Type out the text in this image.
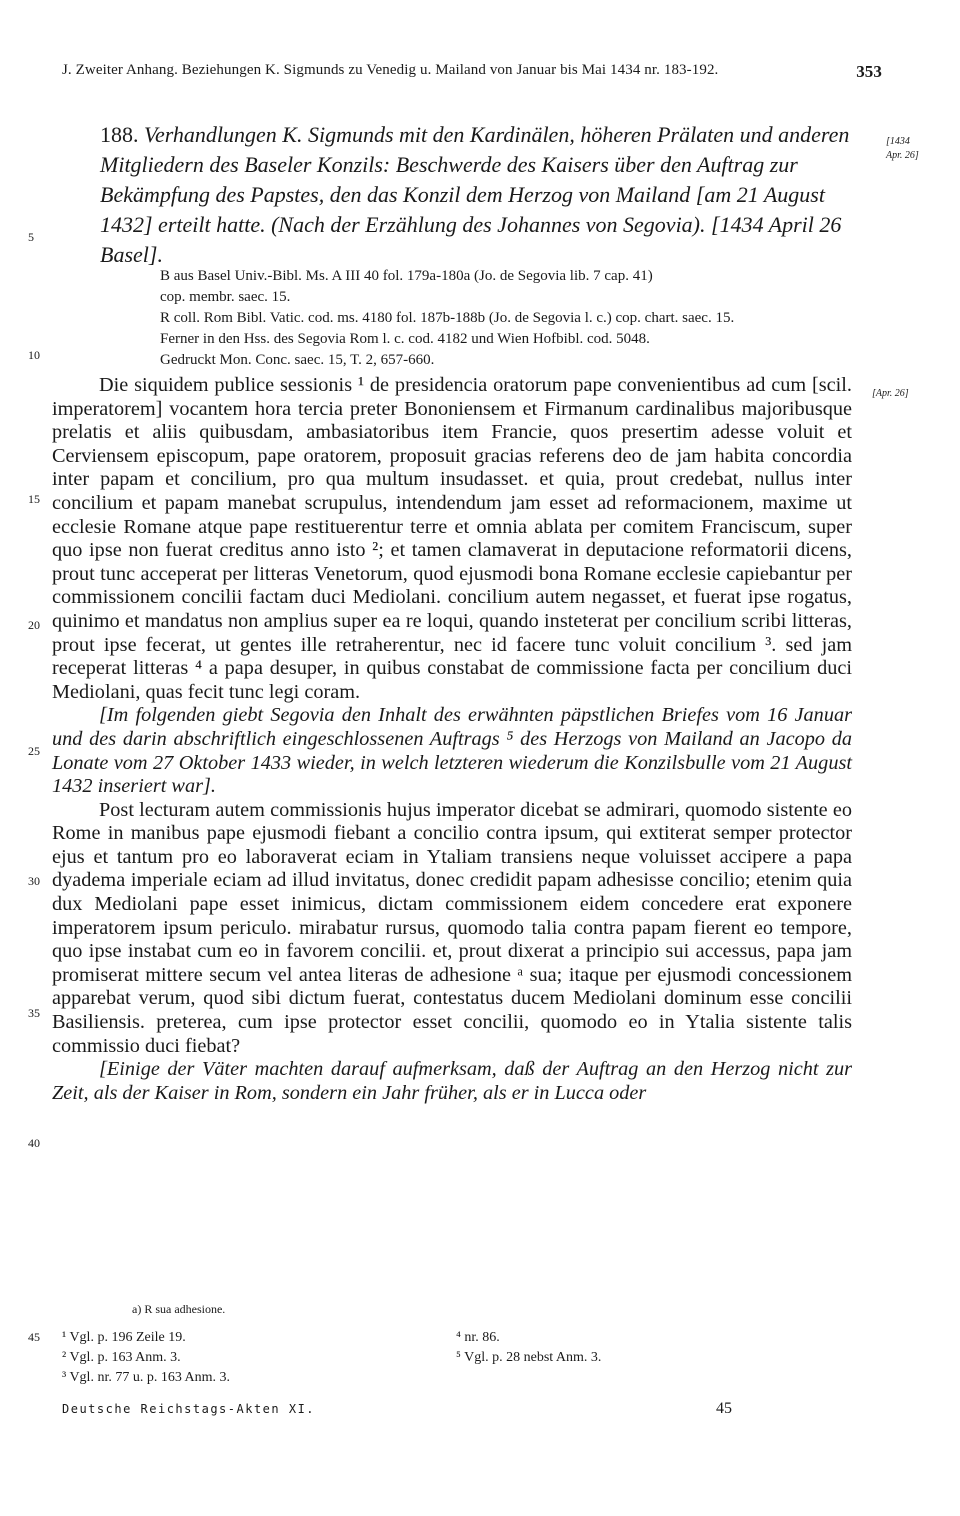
J. Zweiter Anhang. Beziehungen K. Sigmunds zu Venedig u. Mailand von Januar bis Mai 1434 nr. 183-192.	353
188. Verhandlungen K. Sigmunds mit den Kardinälen, höheren Prälaten und anderen Mitgliedern des Baseler Konzils: Beschwerde des Kaisers über den Auftrag zur Bekämpfung des Papstes, den das Konzil dem Herzog von Mailand [am 21 August 1432] erteilt hatte. (Nach der Erzählung des Johannes von Segovia). [1434 April 26 Basel].
[1434
Apr. 26]
5
10
15
20
25
30
35
40
45
B aus Basel Univ.-Bibl. Ms. A III 40 fol. 179a-180a (Jo. de Segovia lib. 7 cap. 41)
cop. membr. saec. 15.
R coll. Rom Bibl. Vatic. cod. ms. 4180 fol. 187b-188b (Jo. de Segovia l. c.) cop. chart. saec. 15.
Ferner in den Hss. des Segovia Rom l. c. cod. 4182 und Wien Hofbibl. cod. 5048.
Gedruckt Mon. Conc. saec. 15, T. 2, 657-660.
[Apr. 26]

Die siquidem publice sessionis ¹ de presidencia oratorum pape convenientibus ad cum [scil. imperatorem] vocantem hora tercia preter Bononiensem et Firmanum cardinalibus majoribusque prelatis et aliis quibusdam, ambasiatoribus item Francie, quos presertim adesse voluit et Cerviensem episcopum, pape oratorem, proposuit gracias referens deo de jam habita concordia inter papam et concilium, pro qua multum insudasset. et quia, prout credebat, nullus inter concilium et papam manebat scrupulus, intendendum jam esset ad reformacionem, maxime ut ecclesie Romane atque pape restituerentur terre et omnia ablata per comitem Franciscum, super quo ipse non fuerat creditus anno isto ²; et tamen clamaverat in deputacione reformatorii dicens, prout tunc acceperat per litteras Venetorum, quod ejusmodi bona Romane ecclesie capiebantur per commissionem concilii factam duci Mediolani. concilium autem negasset, et fuerat ipse rogatus, quinimo et mandatus non amplius super ea re loqui, quando insteterat per concilium scribi litteras, prout ipse fecerat, ut gentes ille retraherentur, nec id facere tunc voluit concilium ³. sed jam receperat litteras ⁴ a papa desuper, in quibus constabat de commissione facta per concilium duci Mediolani, quas fecit tunc legi coram.

[Im folgenden giebt Segovia den Inhalt des erwähnten päpstlichen Briefes vom 16 Januar und des darin abschriftlich eingeschlossenen Auftrags ⁵ des Herzogs von Mailand an Jacopo da Lonate vom 27 Oktober 1433 wieder, in welch letzteren wiederum die Konzilsbulle vom 21 August 1432 inseriert war].

Post lecturam autem commissionis hujus imperator dicebat se admirari, quomodo sistente eo Rome in manibus pape ejusmodi fiebant a concilio contra ipsum, qui extiterat semper protector ejus et tantum pro eo laboraverat eciam in Ytaliam transiens neque voluisset accipere a papa dyadema imperiale eciam ad illud invitatus, donec credidit papam adhesisse concilio; etenim quia dux Mediolani pape esset inimicus, dictam commissionem eidem concedere erat exponere imperatorem ipsum periculo. mirabatur rursus, quomodo talia contra papam fierent eo tempore, quo ipse instabat cum eo in favorem concilii. et, prout dixerat a principio sui accessus, papa jam promiserat mittere secum vel antea literas de adhesione ᵃ sua; itaque per ejusmodi concessionem apparebat verum, quod sibi dictum fuerat, contestatus ducem Mediolani dominum esse concilii Basiliensis. preterea, cum ipse protector esset concilii, quomodo eo in Ytalia sistente talis commissio duci fiebat?

[Einige der Väter machten darauf aufmerksam, daß der Auftrag an den Herzog nicht zur Zeit, als der Kaiser in Rom, sondern ein Jahr früher, als er in Lucca oder

a) R sua adhesione.
¹ Vgl. p. 196 Zeile 19.
² Vgl. p. 163 Anm. 3.
³ Vgl. nr. 77 u. p. 163 Anm. 3.
⁴ nr. 86.
⁵ Vgl. p. 28 nebst Anm. 3.
Deutsche Reichstags-Akten XI.	45
